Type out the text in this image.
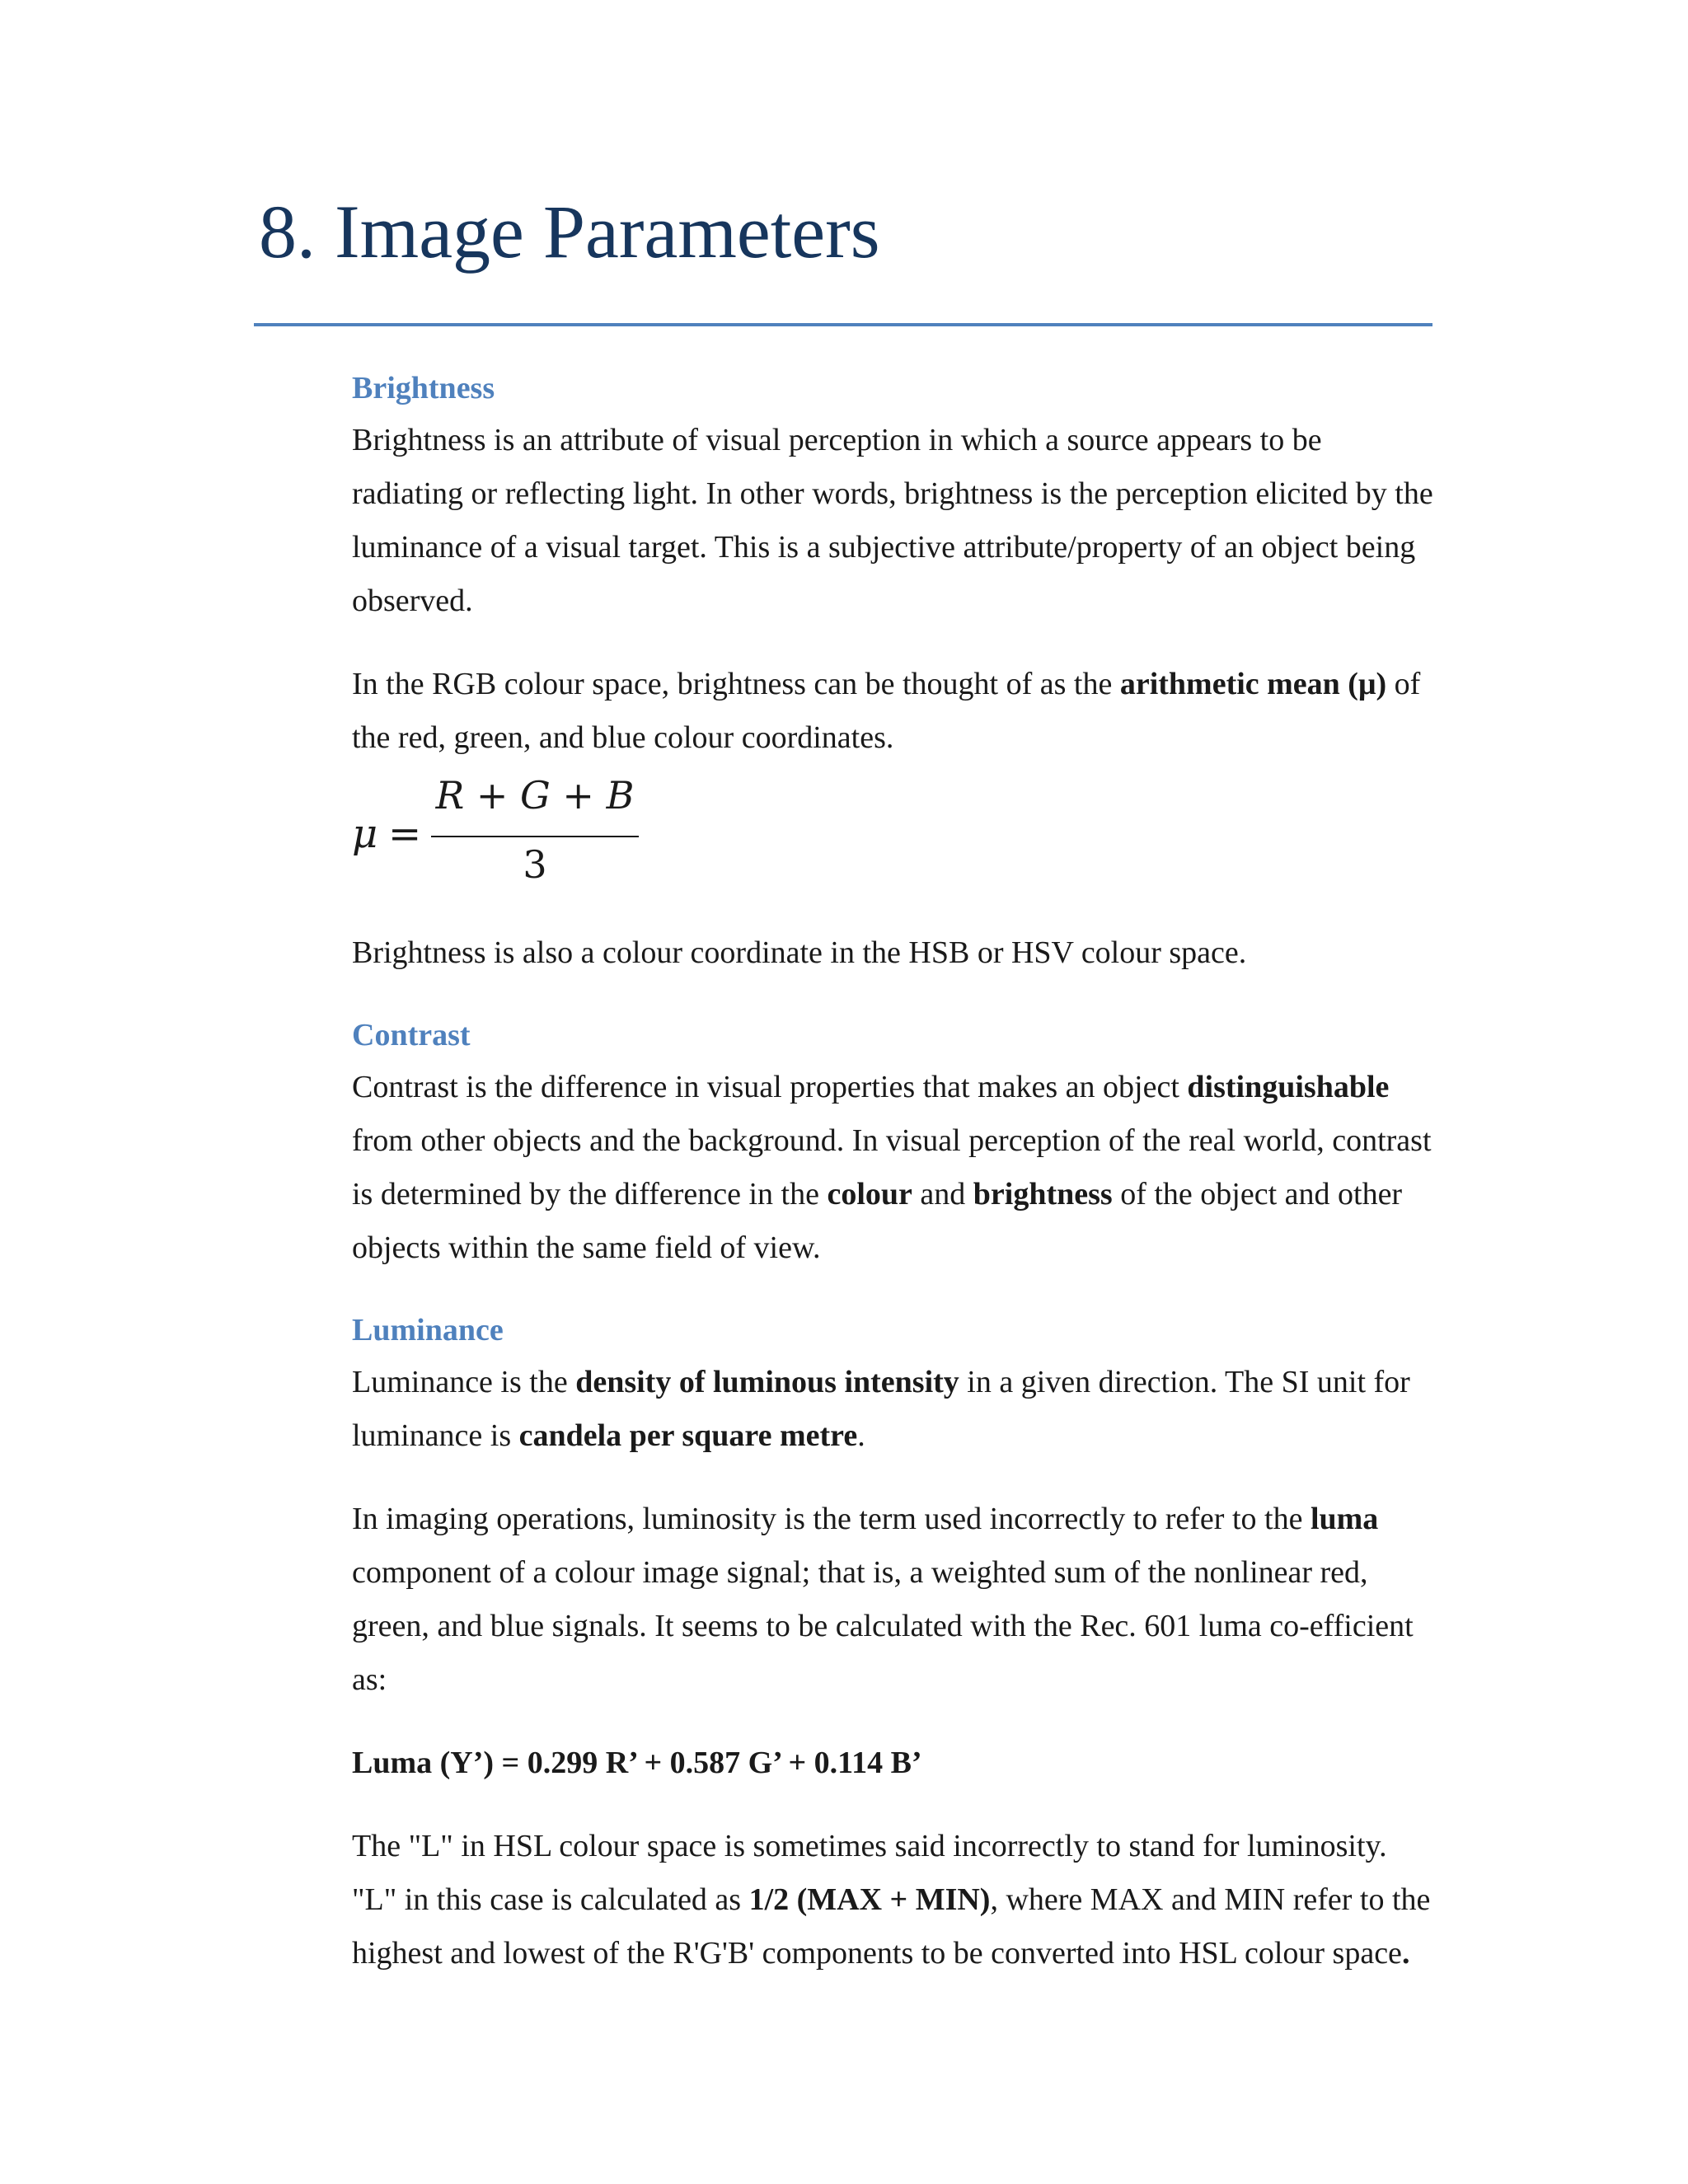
8. Image Parameters
Brightness

Brightness is an attribute of visual perception in which a source appears to be

radiating or reflecting light. In other words, brightness is the perception elicited by the

luminance of a visual target. This is a subjective attribute/property of an object being

observed.

In the RGB colour space, brightness can be thought of as the arithmetic mean (μ) of

the red, green, and blue colour coordinates.

μ =
R + G + B
3

Brightness is also a colour coordinate in the HSB or HSV colour space.

Contrast

Contrast is the difference in visual properties that makes an object distinguishable

from other objects and the background. In visual perception of the real world, contrast

is determined by the difference in the colour and brightness of the object and other

objects within the same field of view.

Luminance

Luminance is the density of luminous intensity in a given direction. The SI unit for

luminance is candela per square metre.

In imaging operations, luminosity is the term used incorrectly to refer to the luma

component of a colour image signal; that is, a weighted sum of the nonlinear red,

green, and blue signals. It seems to be calculated with the Rec. 601 luma co-efficient

as:

Luma (Y’) = 0.299 R’ + 0.587 G’ + 0.114 B’

The "L" in HSL colour space is sometimes said incorrectly to stand for luminosity.

"L" in this case is calculated as 1/2 (MAX + MIN), where MAX and MIN refer to the

highest and lowest of the R'G'B' components to be converted into HSL colour space.
